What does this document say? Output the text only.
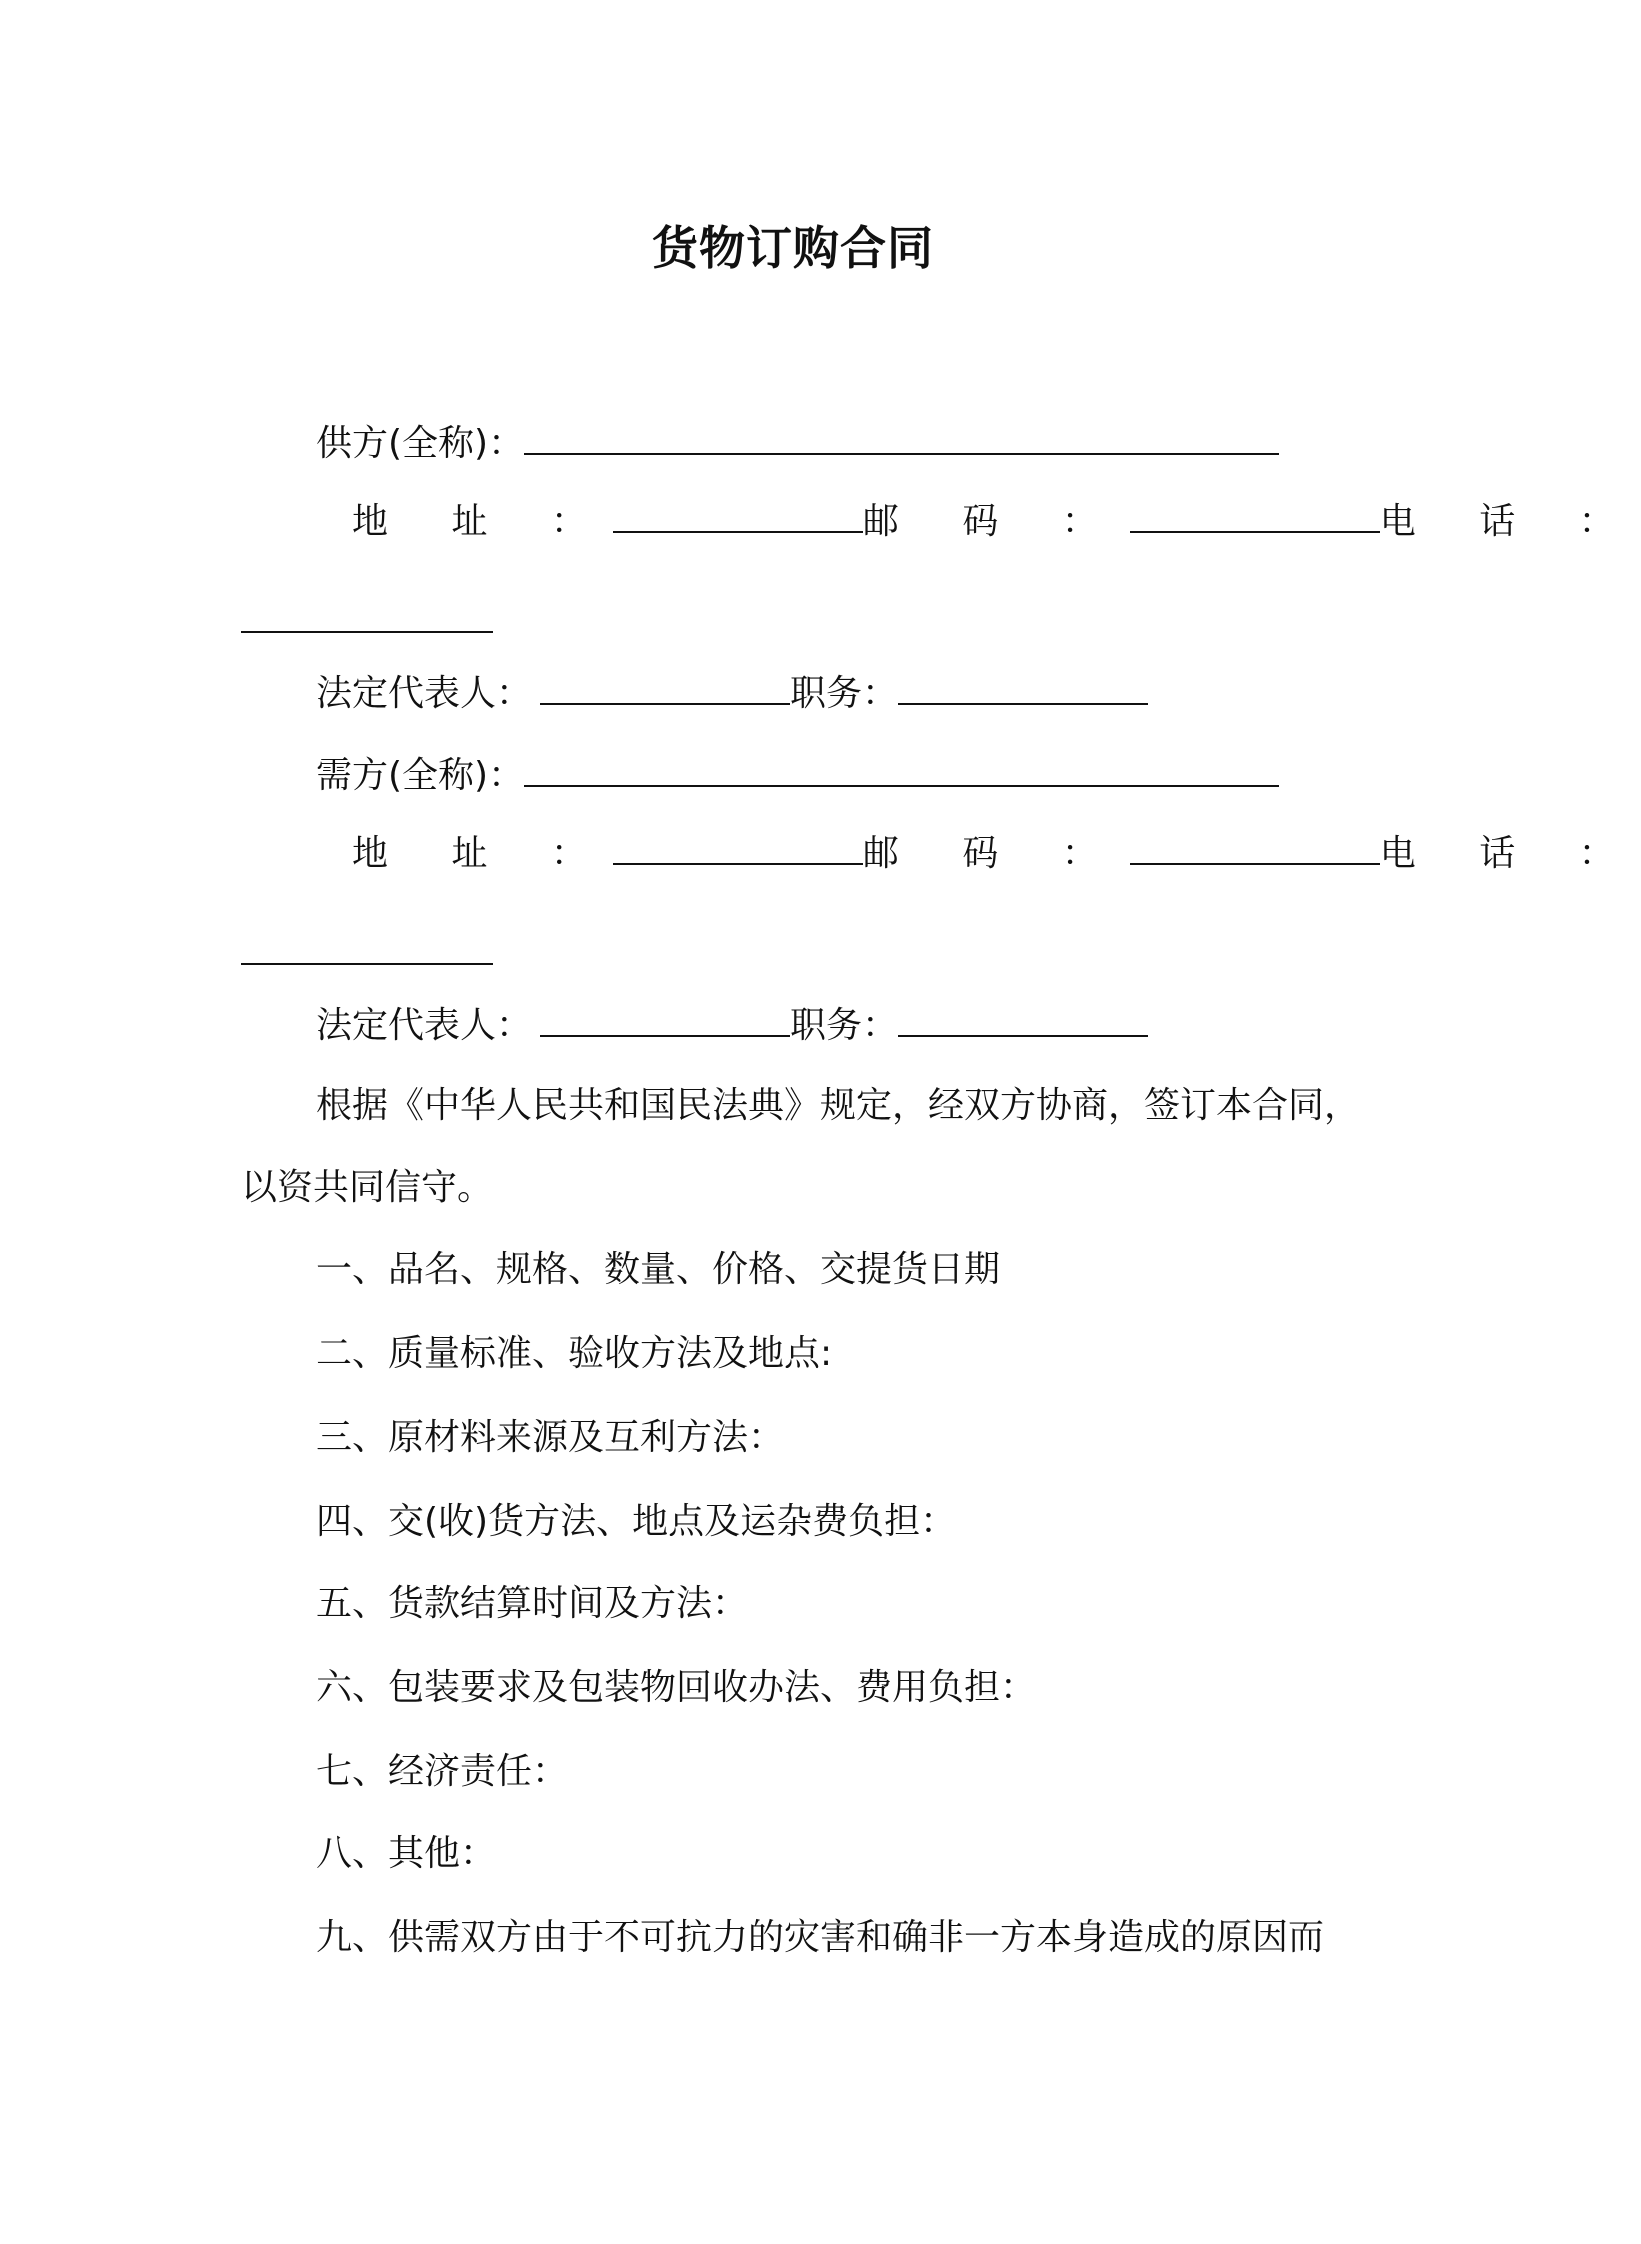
货物订购合同
供方(全称)：
地 址 ：	邮 码 ：	电 话 ：
法定代表人：	职务：
需方(全称)：
地 址 ：	邮 码 ：	电 话 ：
法定代表人：	职务：
根据《中华人民共和国民法典》规定，经双方协商，签订本合同，
以资共同信守。
一、品名、规格、数量、价格、交提货日期
二、质量标准、验收方法及地点:
三、原材料来源及互利方法：
四、交(收)货方法、地点及运杂费负担：
五、货款结算时间及方法：
六、包装要求及包装物回收办法、费用负担：
七、经济责任：
八、其他：
九、供需双方由于不可抗力的灾害和确非一方本身造成的原因而
